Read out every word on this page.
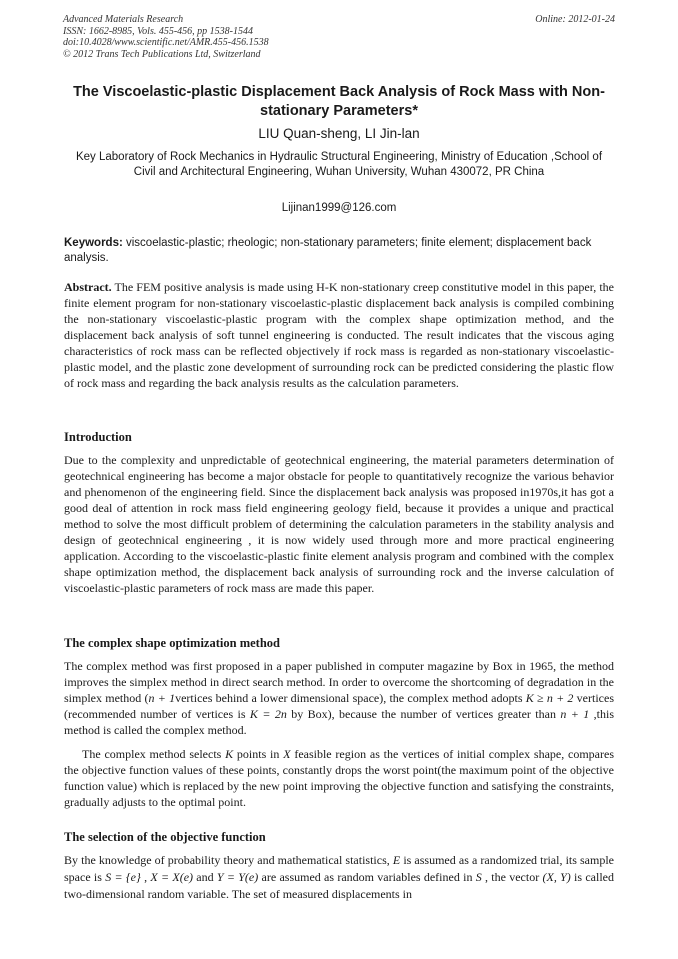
Advanced Materials Research
ISSN: 1662-8985, Vols. 455-456, pp 1538-1544
doi:10.4028/www.scientific.net/AMR.455-456.1538
© 2012 Trans Tech Publications Ltd, Switzerland
Online: 2012-01-24
The Viscoelastic-plastic Displacement Back Analysis of Rock Mass with Non-stationary Parameters*
LIU Quan-sheng, LI Jin-lan
Key Laboratory of Rock Mechanics in Hydraulic Structural Engineering, Ministry of Education ,School of Civil and Architectural Engineering, Wuhan University, Wuhan 430072, PR China
Lijinan1999@126.com
Keywords: viscoelastic-plastic; rheologic; non-stationary parameters; finite element; displacement back analysis.
Abstract. The FEM positive analysis is made using H-K non-stationary creep constitutive model in this paper, the finite element program for non-stationary viscoelastic-plastic displacement back analysis is compiled combining the non-stationary viscoelastic-plastic program with the complex shape optimization method, and the displacement back analysis of soft tunnel engineering is conducted. The result indicates that the viscous aging characteristics of rock mass can be reflected objectively if rock mass is regarded as non-stationary viscoelastic-plastic model, and the plastic zone development of surrounding rock can be predicted considering the plastic flow of rock mass and regarding the back analysis results as the calculation parameters.
Introduction
Due to the complexity and unpredictable of geotechnical engineering, the material parameters determination of geotechnical engineering has become a major obstacle for people to quantitatively recognize the various behavior and phenomenon of the engineering field. Since the displacement back analysis was proposed in1970s,it has got a good deal of attention in rock mass field engineering geology field, because it provides a unique and practical method to solve the most difficult problem of determining the calculation parameters in the stability analysis and design of geotechnical engineering , it is now widely used through more and more practical engineering application. According to the viscoelastic-plastic finite element analysis program and combined with the complex shape optimization method, the displacement back analysis of surrounding rock and the inverse calculation of viscoelastic-plastic parameters of rock mass are made this paper.
The complex shape optimization method
The complex method was first proposed in a paper published in computer magazine by Box in 1965, the method improves the simplex method in direct search method. In order to overcome the shortcoming of degradation in the simplex method (n + 1vertices behind a lower dimensional space), the complex method adopts K ≥ n + 2 vertices (recommended number of vertices is K = 2n by Box), because the number of vertices greater than n + 1 ,this method is called the complex method.
The complex method selects K points in X feasible region as the vertices of initial complex shape, compares the objective function values of these points, constantly drops the worst point(the maximum point of the objective function value) which is replaced by the new point improving the objective function and satisfying the constraints, gradually adjusts to the optimal point.
The selection of the objective function
By the knowledge of probability theory and mathematical statistics, E is assumed as a randomized trial, its sample space is S = {e} , X = X(e) and Y = Y(e) are assumed as random variables defined in S , the vector (X, Y) is called two-dimensional random variable. The set of measured displacements in
